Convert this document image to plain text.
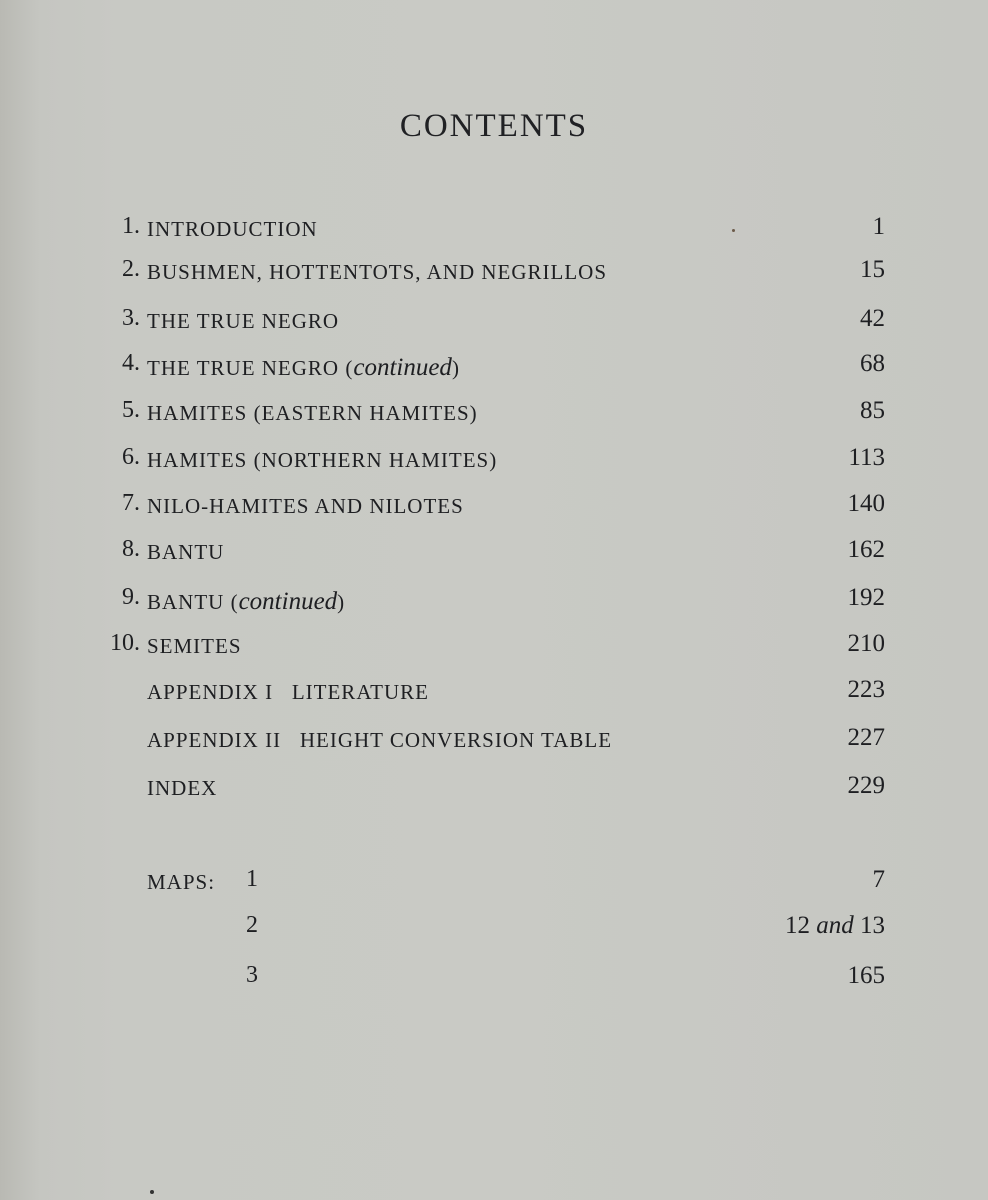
CONTENTS
1. INTRODUCTION	1
2. BUSHMEN, HOTTENTOTS, AND NEGRILLOS	15
3. THE TRUE NEGRO	42
4. THE TRUE NEGRO (continued)	68
5. HAMITES (EASTERN HAMITES)	85
6. HAMITES (NORTHERN HAMITES)	113
7. NILO-HAMITES AND NILOTES	140
8. BANTU	162
9. BANTU (continued)	192
10. SEMITES	210
APPENDIX I   LITERATURE	223
APPENDIX II   HEIGHT CONVERSION TABLE	227
INDEX	229
MAPS: 1	7
2	12 and 13
3	165
